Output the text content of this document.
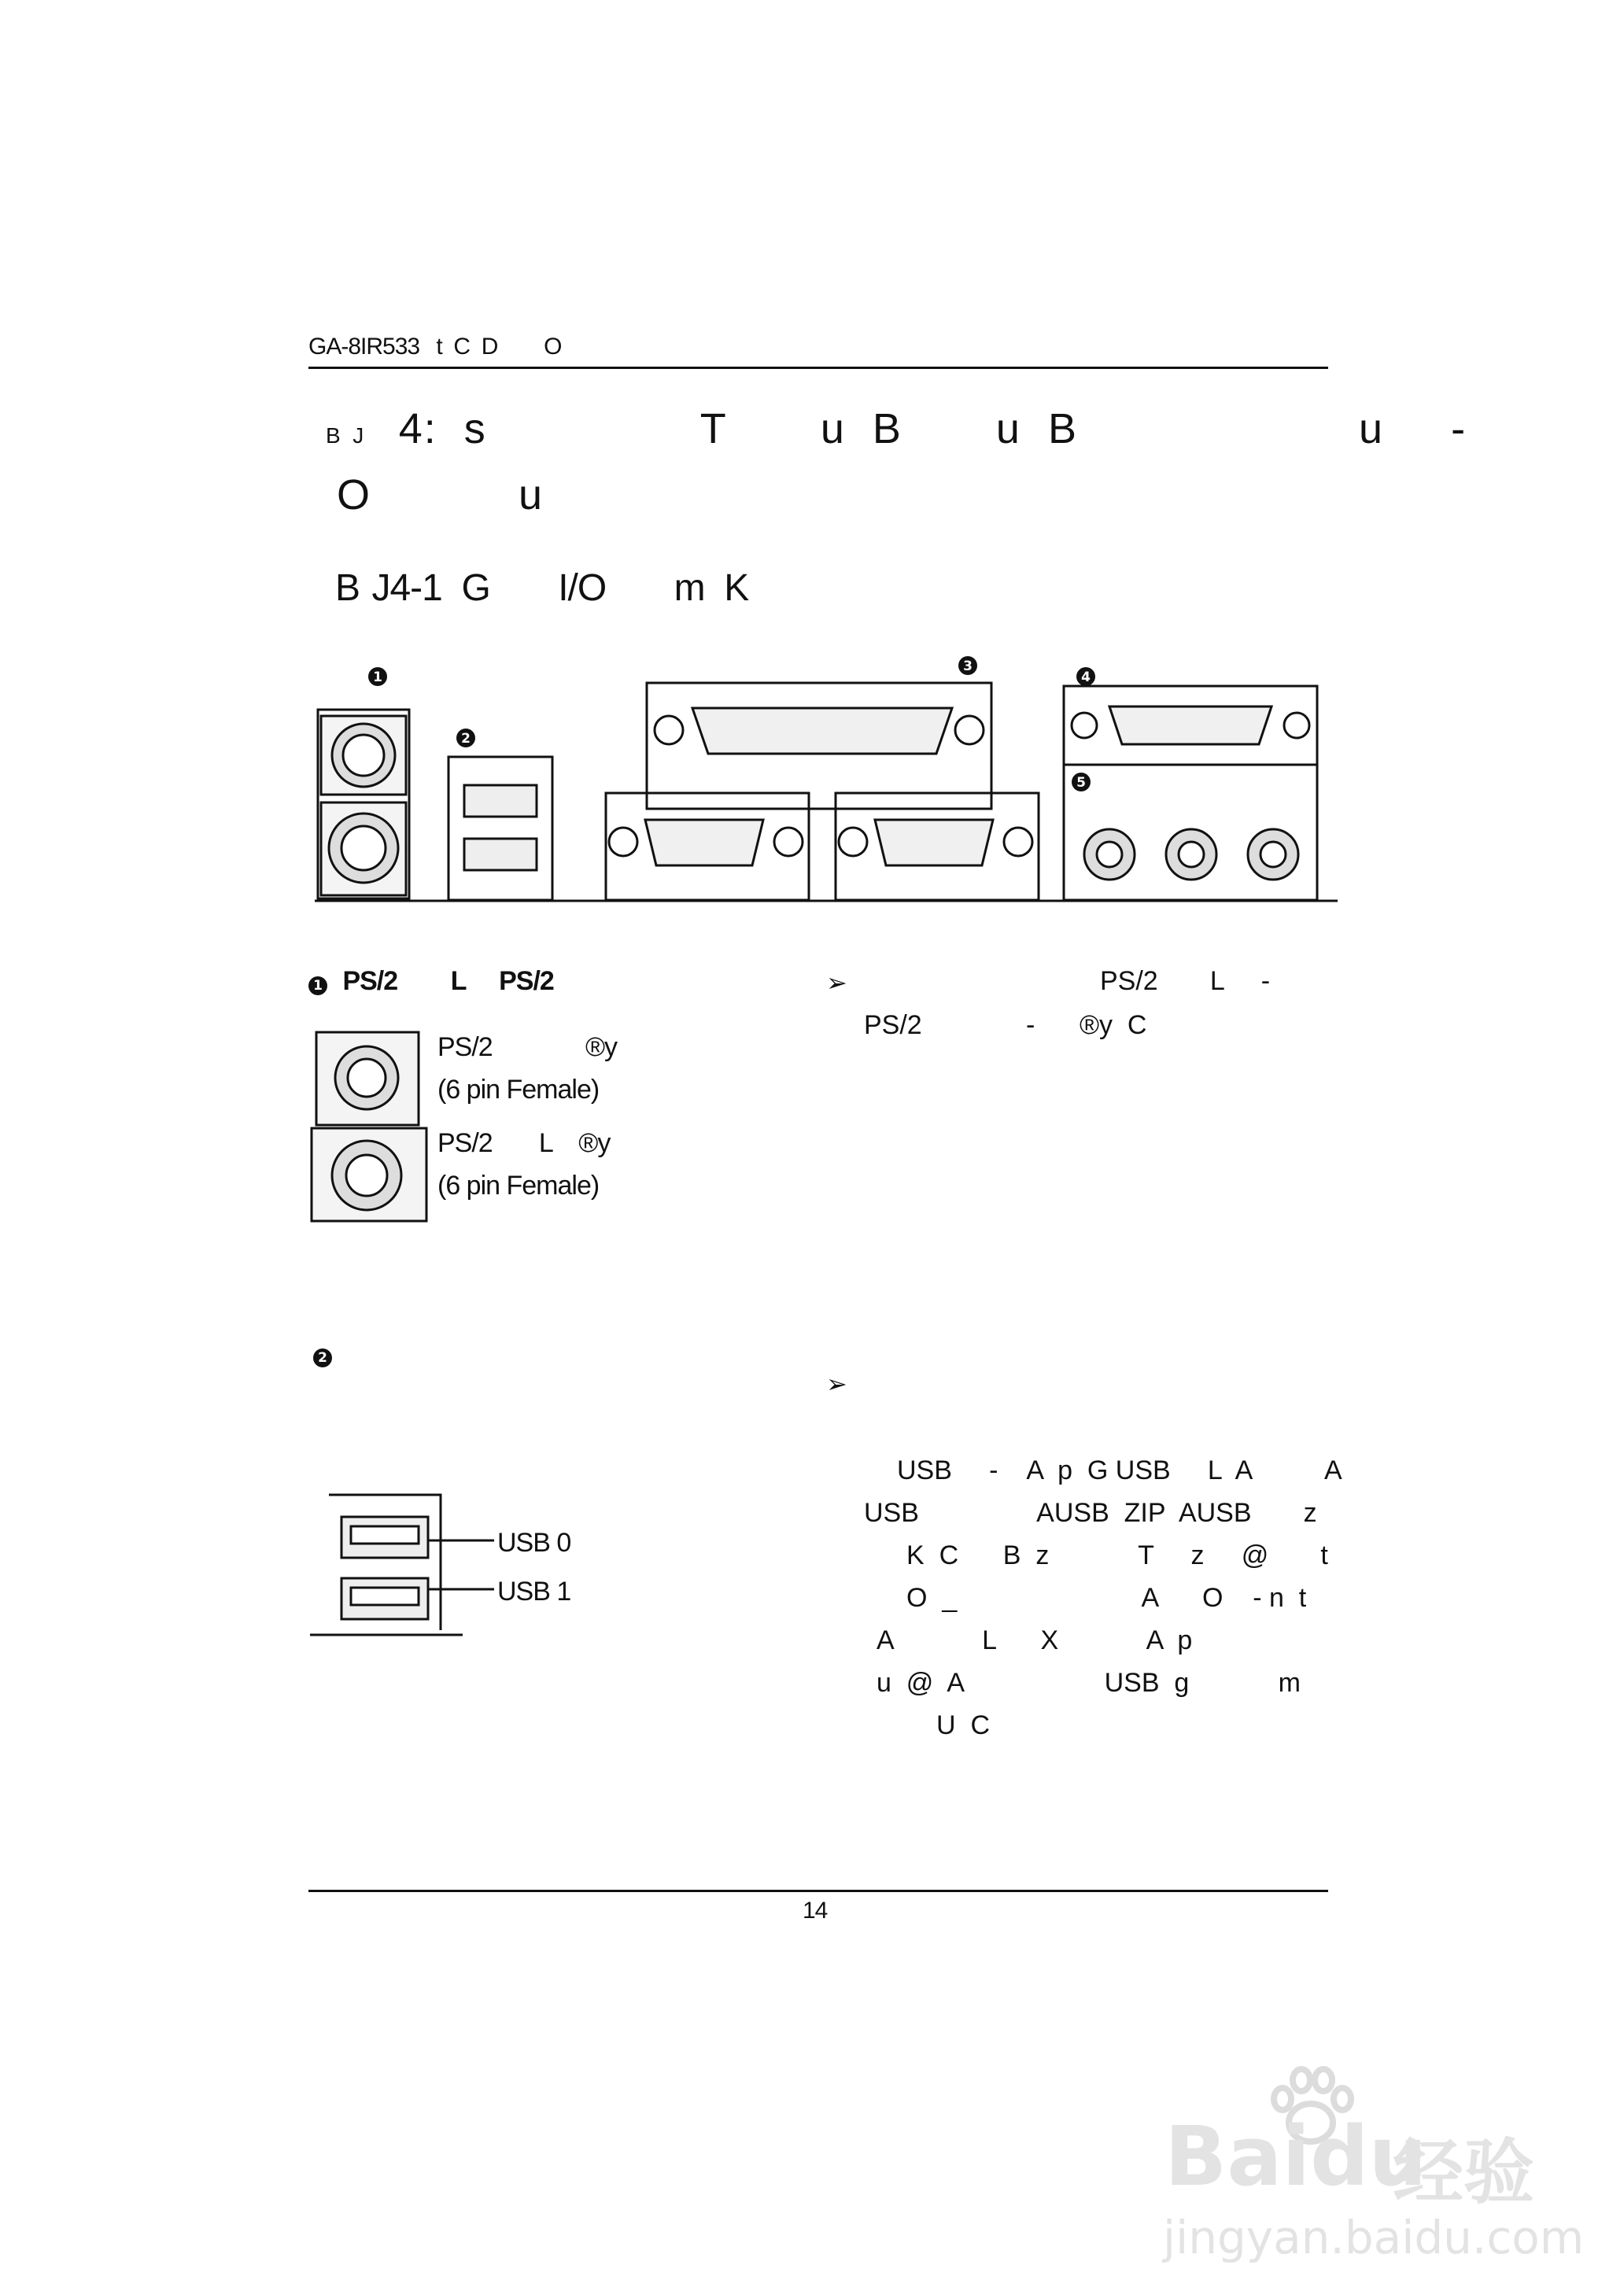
GA-8IR533 t  C  D        O
B  J 4:  s                T       u  B       u  B                     u     -
O           u
B J4-1  G       I/O       m  K
1
2
3
4
5
1 PS/2        L     PS/2
PS/2              ®y
(6 pin Female)
PS/2       L    ®y
(6 pin Female)
➢	PS/2       L     -
PS/2              -      ®y  C
2
➢
USB 0
USB 1
USB     -    A  p  G USB     L  A          A
USB                AUSB  ZIP  AUSB       z
K  C      B  z            T     z     @       t
O  _                         A      O    - n  t
A            L      X            A  p
u  @  A                   USB  g            m
U  C
14
Baidu
经验
jingyan.baidu.com
